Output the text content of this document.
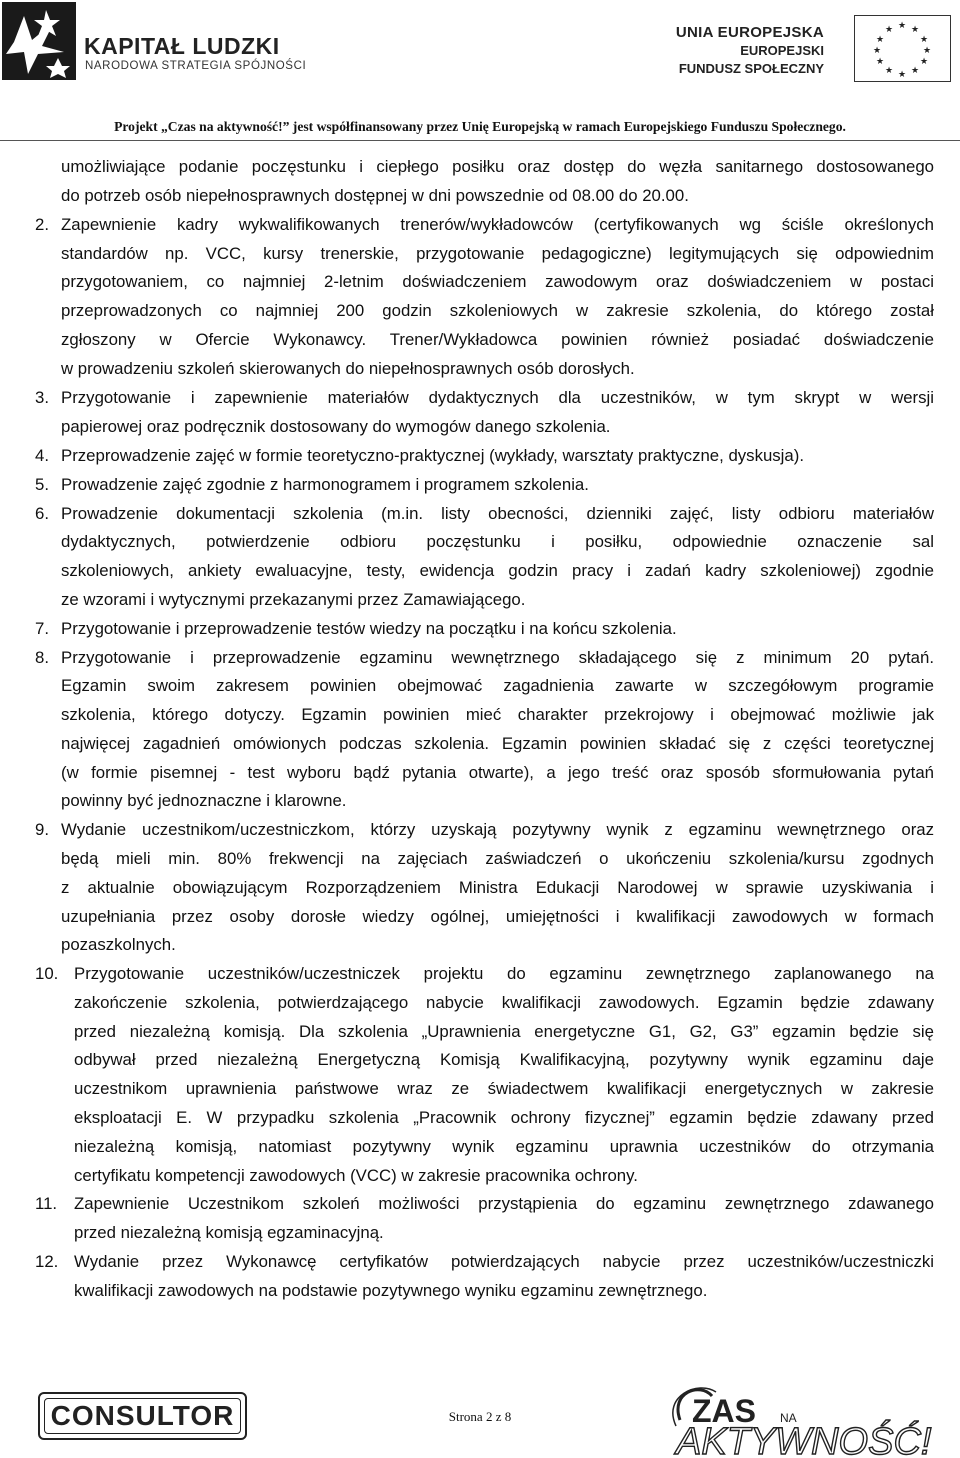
KAPITAŁ LUDZKI
NARODOWA STRATEGIA SPÓJNOŚCI
UNIA EUROPEJSKA
EUROPEJSKI
FUNDUSZ SPOŁECZNY
★ ★
★
★
★
★
★
★
★
★
★
★
Projekt „Czas na aktywność!” jest współfinansowany przez Unię Europejską w ramach Europejskiego Funduszu Społecznego.
2.
3.
4.
5.
6.
7.
8.
9.
10.
11.
12.
umożliwiające podanie poczęstunku i ciepłego posiłku oraz dostęp do węzła sanitarnego dostosowanego
do potrzeb osób niepełnosprawnych dostępnej w dni powszednie od 08.00 do 20.00.
Zapewnienie kadry wykwalifikowanych trenerów/wykładowców (certyfikowanych wg ściśle określonych
standardów np. VCC, kursy trenerskie, przygotowanie pedagogiczne) legitymujących się odpowiednim
przygotowaniem, co najmniej 2-letnim doświadczeniem zawodowym oraz doświadczeniem w postaci
przeprowadzonych co najmniej 200 godzin szkoleniowych w zakresie szkolenia, do którego został
zgłoszony w Ofercie Wykonawcy. Trener/Wykładowca powinien również posiadać doświadczenie
w prowadzeniu szkoleń skierowanych do niepełnosprawnych osób dorosłych.
Przygotowanie i zapewnienie materiałów dydaktycznych dla uczestników, w tym skrypt w wersji
papierowej oraz podręcznik dostosowany do wymogów danego szkolenia.
Przeprowadzenie zajęć w formie teoretyczno-praktycznej (wykłady, warsztaty praktyczne, dyskusja).
Prowadzenie zajęć zgodnie z harmonogramem i programem szkolenia.
Prowadzenie dokumentacji szkolenia (m.in. listy obecności, dzienniki zajęć, listy odbioru materiałów
dydaktycznych, potwierdzenie odbioru poczęstunku i posiłku, odpowiednie oznaczenie sal
szkoleniowych, ankiety ewaluacyjne, testy, ewidencja godzin pracy i zadań kadry szkoleniowej) zgodnie
ze wzorami i wytycznymi przekazanymi przez Zamawiającego.
Przygotowanie i przeprowadzenie testów wiedzy na początku i na końcu szkolenia.
Przygotowanie i przeprowadzenie egzaminu wewnętrznego składającego się z minimum 20 pytań.
Egzamin swoim zakresem powinien obejmować zagadnienia zawarte w szczegółowym programie
szkolenia, którego dotyczy. Egzamin powinien mieć charakter przekrojowy i obejmować możliwie jak
najwięcej zagadnień omówionych podczas szkolenia. Egzamin powinien składać się z części teoretycznej
(w formie pisemnej - test wyboru bądź pytania otwarte), a jego treść oraz sposób sformułowania pytań
powinny być jednoznaczne i klarowne.
Wydanie uczestnikom/uczestniczkom, którzy uzyskają pozytywny wynik z egzaminu wewnętrznego oraz
będą mieli min. 80% frekwencji na zajęciach zaświadczeń o ukończeniu szkolenia/kursu zgodnych
z aktualnie obowiązującym Rozporządzeniem Ministra Edukacji Narodowej w sprawie uzyskiwania i
uzupełniania przez osoby dorosłe wiedzy ogólnej, umiejętności i kwalifikacji zawodowych w formach
pozaszkolnych.
Przygotowanie uczestników/uczestniczek projektu do egzaminu zewnętrznego zaplanowanego na
zakończenie szkolenia, potwierdzającego nabycie kwalifikacji zawodowych. Egzamin będzie zdawany
przed niezależną komisją. Dla szkolenia „Uprawnienia energetyczne G1, G2, G3” egzamin będzie się
odbywał przed niezależną Energetyczną Komisją Kwalifikacyjną, pozytywny wynik egzaminu daje
uczestnikom uprawnienia państwowe wraz ze świadectwem kwalifikacji energetycznych w zakresie
eksploatacji E. W przypadku szkolenia „Pracownik ochrony fizycznej” egzamin będzie zdawany przed
niezależną komisją, natomiast pozytywny wynik egzaminu uprawnia uczestników do otrzymania
certyfikatu kompetencji zawodowych (VCC) w zakresie pracownika ochrony.
Zapewnienie Uczestnikom szkoleń możliwości przystąpienia do egzaminu zewnętrznego zdawanego
przed niezależną komisją egzaminacyjną.
Wydanie przez Wykonawcę certyfikatów potwierdzających nabycie przez uczestników/uczestniczki
kwalifikacji zawodowych na podstawie pozytywnego wyniku egzaminu zewnętrznego.
CONSULTOR	Strona 2 z 8	ZAS NA
AKTYWNOŚĆ!
